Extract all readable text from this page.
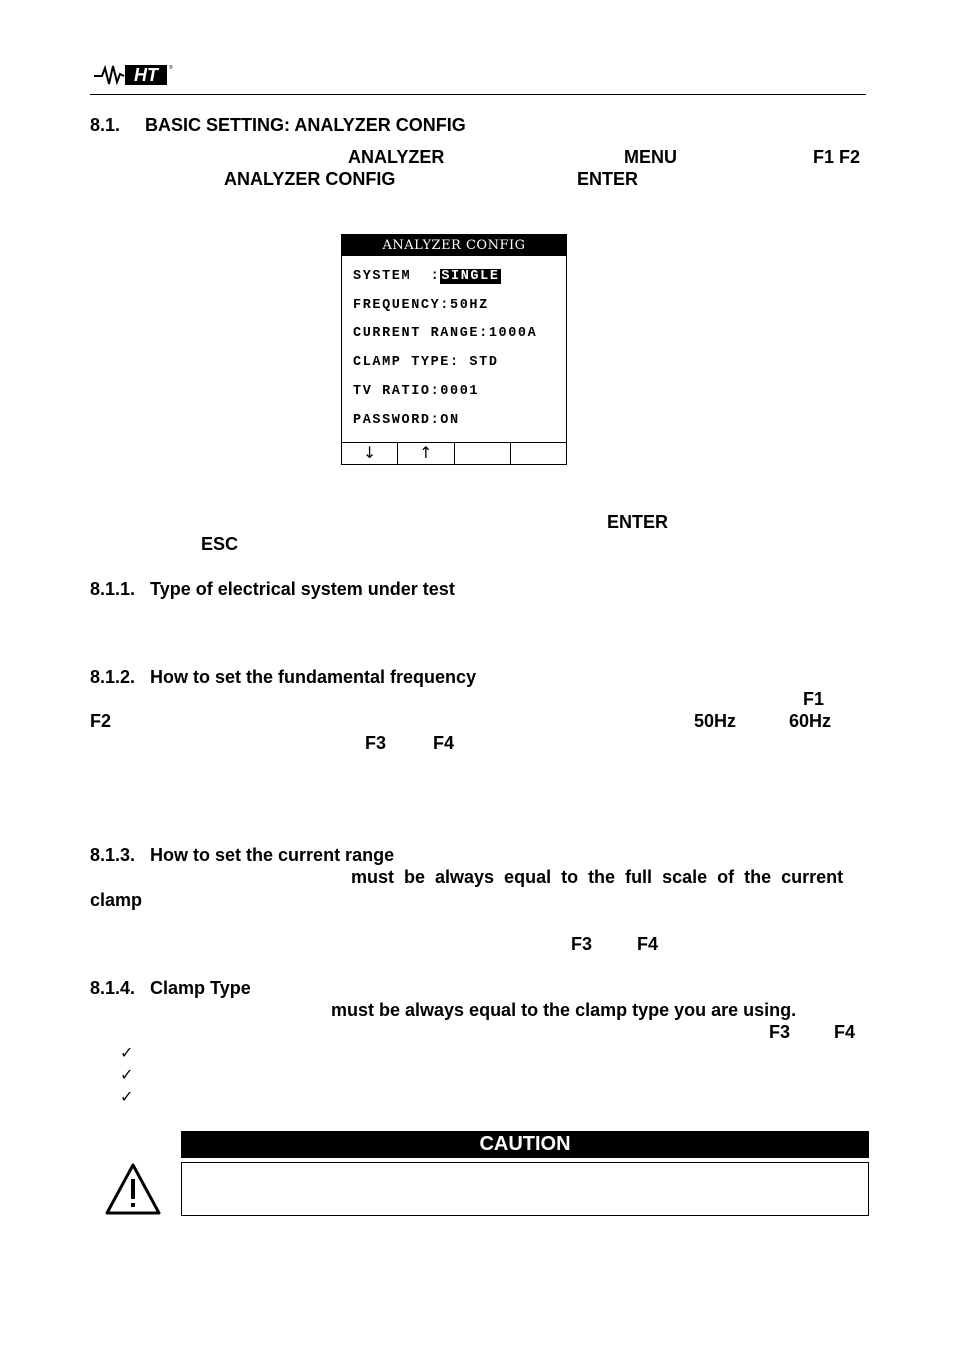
HT	®
8.1.     BASIC SETTING: ANALYZER CONFIG
ANALYZER	MENU	F1 F2
ANALYZER CONFIG	ENTER
ANALYZER CONFIG
SYSTEM  :SINGLE
FREQUENCY:50HZ
CURRENT RANGE:1000A
CLAMP TYPE: STD
TV RATIO:0001
PASSWORD:ON
↓	↑
ENTER
ESC
8.1.1.   Type of electrical system under test
8.1.2.   How to set the fundamental frequency
F1
F2	50Hz	60Hz
F3	F4
8.1.3.   How to set the current range
must  be  always  equal  to  the  full  scale  of  the  current
clamp
F3 F4
8.1.4.   Clamp Type
must be always equal to the clamp type you are using.
F3 F4
✓
✓
✓
CAUTION
